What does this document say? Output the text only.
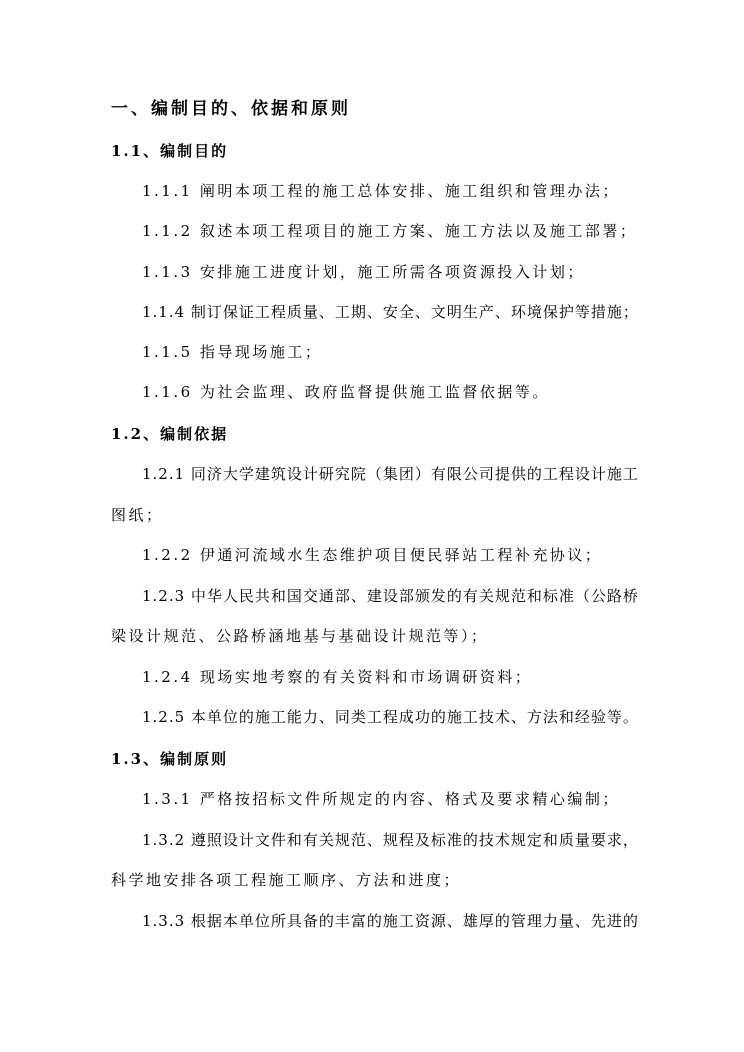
一、编制目的、依据和原则
1.1、编制目的
1.1.1 阐明本项工程的施工总体安排、施工组织和管理办法；
1.1.2 叙述本项工程项目的施工方案、施工方法以及施工部署；
1.1.3 安排施工进度计划，施工所需各项资源投入计划；
1.1.4 制订保证工程质量、工期、安全、文明生产、环境保护等措施；
1.1.5 指导现场施工；
1.1.6 为社会监理、政府监督提供施工监督依据等。
1.2、编制依据
1.2.1 同济大学建筑设计研究院（集团）有限公司提供的工程设计施工
图纸；
1.2.2 伊通河流域水生态维护项目便民驿站工程补充协议；
1.2.3 中华人民共和国交通部、建设部颁发的有关规范和标准（公路桥
梁设计规范、公路桥涵地基与基础设计规范等）；
1.2.4 现场实地考察的有关资料和市场调研资料；
1.2.5 本单位的施工能力、同类工程成功的施工技术、方法和经验等。
1.3、编制原则
1.3.1 严格按招标文件所规定的内容、格式及要求精心编制；
1.3.2 遵照设计文件和有关规范、规程及标准的技术规定和质量要求，
科学地安排各项工程施工顺序、方法和进度；
1.3.3 根据本单位所具备的丰富的施工资源、雄厚的管理力量、先进的
